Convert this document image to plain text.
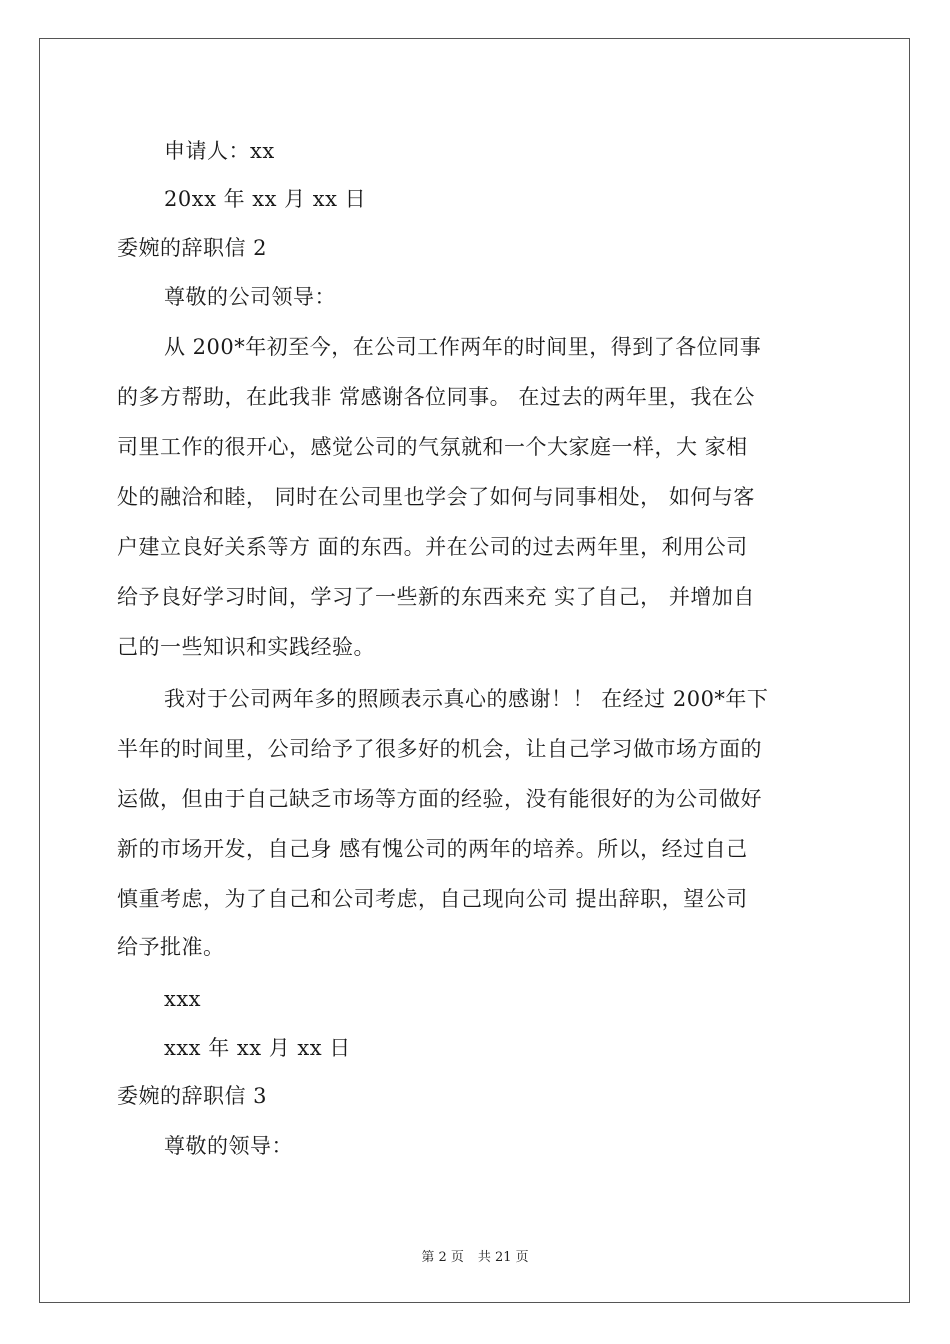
申请人：xx
20xx 年 xx 月 xx 日
委婉的辞职信 2
尊敬的公司领导：
从 200*年初至今，在公司工作两年的时间里，得到了各位同事
的多方帮助，在此我非 常感谢各位同事。 在过去的两年里，我在公
司里工作的很开心，感觉公司的气氛就和一个大家庭一样，大 家相
处的融洽和睦， 同时在公司里也学会了如何与同事相处， 如何与客
户建立良好关系等方 面的东西。并在公司的过去两年里，利用公司
给予良好学习时间，学习了一些新的东西来充 实了自己， 并增加自
己的一些知识和实践经验。
我对于公司两年多的照顾表示真心的感谢！！ 在经过 200*年下
半年的时间里，公司给予了很多好的机会，让自己学习做市场方面的
运做，但由于自己缺乏市场等方面的经验，没有能很好的为公司做好
新的市场开发，自己身 感有愧公司的两年的培养。所以，经过自己
慎重考虑，为了自己和公司考虑，自己现向公司 提出辞职，望公司
给予批准。
xxx
xxx 年 xx 月 xx 日
委婉的辞职信 3
尊敬的领导：
第 2 页 共 21 页
